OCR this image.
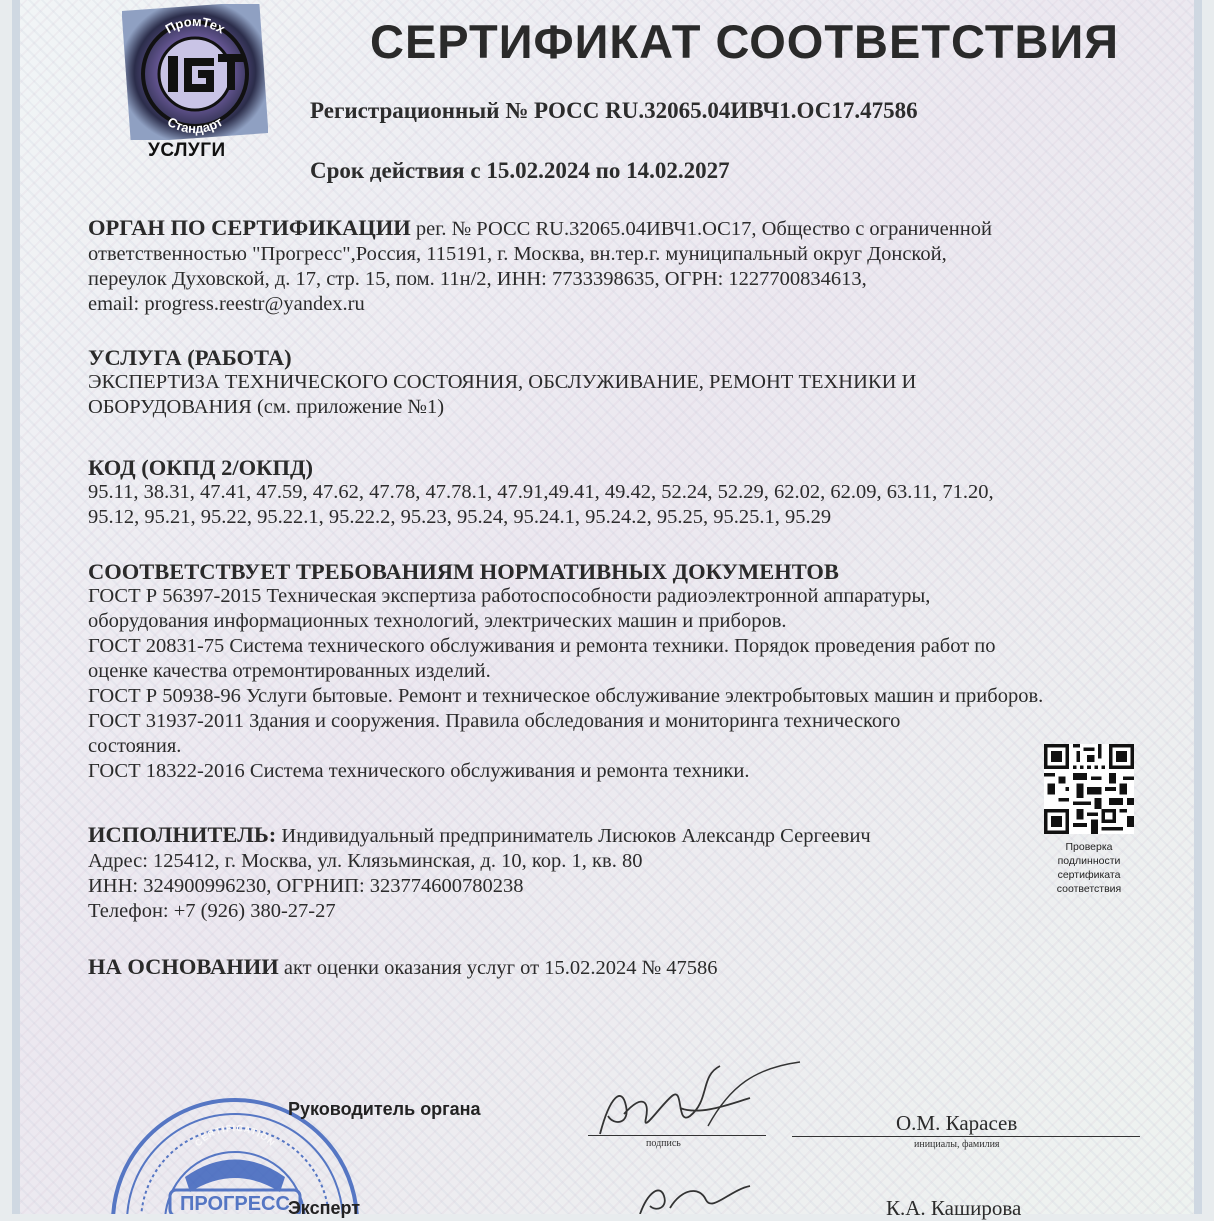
ПромТех
Стандарт
УСЛУГИ
СЕРТИФИКАТ СООТВЕТСТВИЯ
Регистрационный № РОСС RU.32065.04ИВЧ1.ОС17.47586
Срок действия с 15.02.2024 по 14.02.2027
ОРГАН ПО СЕРТИФИКАЦИИ рег. № РОСС RU.32065.04ИВЧ1.ОС17, Общество с ограниченной
ответственностью "Прогресс",Россия, 115191, г. Москва, вн.тер.г. муниципальный округ Донской,
переулок Духовской, д. 17, стр. 15, пом. 11н/2, ИНН: 7733398635, ОГРН: 1227700834613,
email: progress.reestr@yandex.ru
УСЛУГА (РАБОТА)
ЭКСПЕРТИЗА ТЕХНИЧЕСКОГО СОСТОЯНИЯ, ОБСЛУЖИВАНИЕ, РЕМОНТ ТЕХНИКИ И
ОБОРУДОВАНИЯ (см. приложение №1)
КОД (ОКПД 2/ОКПД)
95.11, 38.31, 47.41, 47.59, 47.62, 47.78, 47.78.1, 47.91,49.41, 49.42, 52.24, 52.29, 62.02, 62.09, 63.11, 71.20,
95.12, 95.21, 95.22, 95.22.1, 95.22.2, 95.23, 95.24, 95.24.1, 95.24.2, 95.25, 95.25.1, 95.29
СООТВЕТСТВУЕТ ТРЕБОВАНИЯМ НОРМАТИВНЫХ ДОКУМЕНТОВ
ГОСТ Р 56397-2015 Техническая экспертиза работоспособности радиоэлектронной аппаратуры,
оборудования информационных технологий, электрических машин и приборов.
ГОСТ 20831-75 Система технического обслуживания и ремонта техники. Порядок проведения работ по
оценке качества отремонтированных изделий.
ГОСТ Р 50938-96 Услуги бытовые. Ремонт и техническое обслуживание электробытовых машин и приборов.
ГОСТ 31937-2011 Здания и сооружения. Правила обследования и мониторинга технического
состояния.
ГОСТ 18322-2016 Система технического обслуживания и ремонта техники.
Проверка
подлинности
сертификата
соответствия
ИСПОЛНИТЕЛЬ: Индивидуальный предприниматель Лисюков Александр Сергеевич
Адрес: 125412, г. Москва, ул. Клязьминская, д. 10, кор. 1, кв. 80
ИНН: 324900996230, ОГРНИП: 323774600780238
Телефон: +7 (926) 380-27-27
НА ОСНОВАНИИ акт оценки оказания услуг от 15.02.2024 № 47586
CERTIFICATION
ПРОГРЕСС
Руководитель органа
подпись
О.М. Карасев
инициалы, фамилия
Эксперт	К.А. Каширова
